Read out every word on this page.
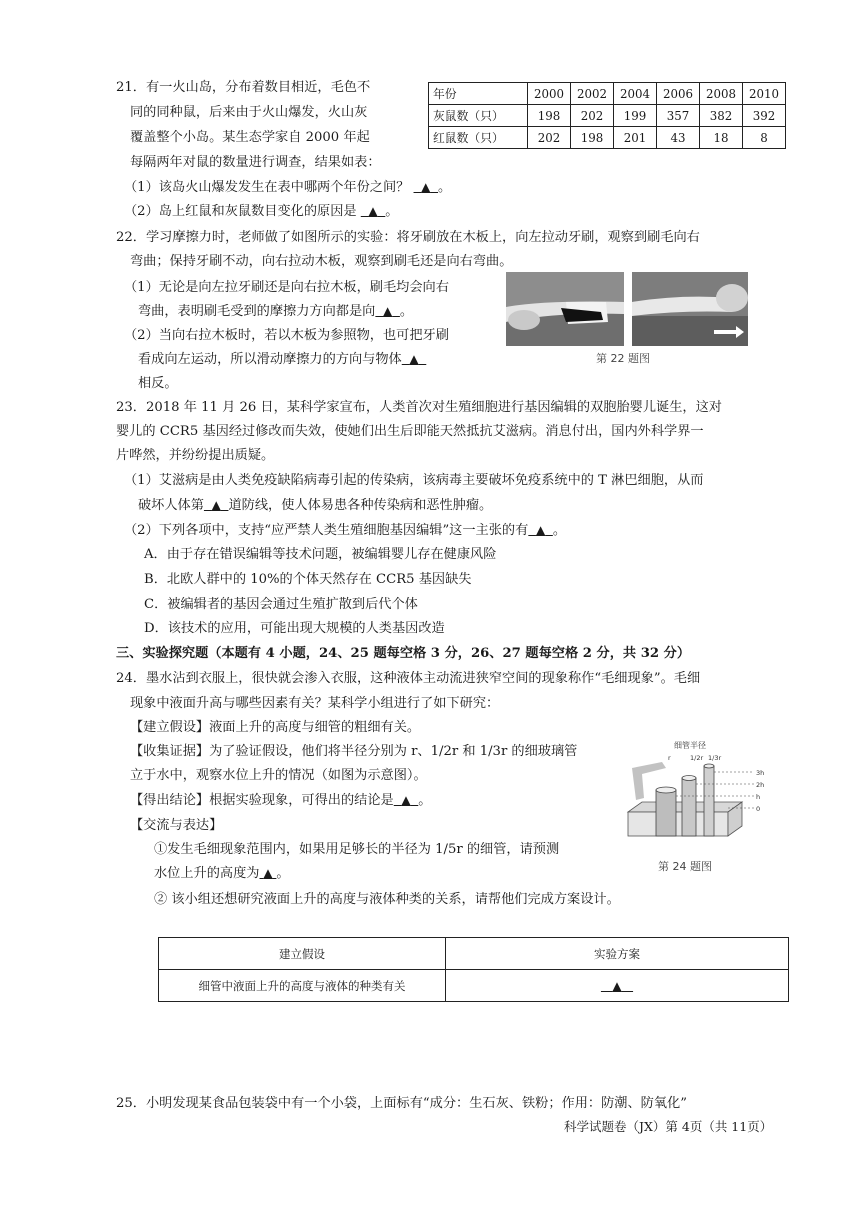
21．有一火山岛，分布着数目相近，毛色不
同的同种鼠，后来由于火山爆发，火山灰
覆盖整个小岛。某生态学家自 2000 年起
每隔两年对鼠的数量进行调查，结果如表：
年份	2000	2002	2004	2006	2008	2010
灰鼠数（只）	198	202	199	357	382	392
红鼠数（只）	202	198	201	43	18	8
（1）该岛火山爆发发生在表中哪两个年份之间？ ▲ 。
（2）岛上红鼠和灰鼠数目变化的原因是 ▲ 。
22．学习摩擦力时，老师做了如图所示的实验：将牙刷放在木板上，向左拉动牙刷，观察到刷毛向右
弯曲；保持牙刷不动，向右拉动木板，观察到刷毛还是向右弯曲。
（1）无论是向左拉牙刷还是向右拉木板，刷毛均会向右
弯曲，表明刷毛受到的摩擦力方向都是向 ▲ 。
（2）当向右拉木板时，若以木板为参照物，也可把牙刷
看成向左运动，所以滑动摩擦力的方向与物体 ▲
相反。
第 22 题图
23．2018 年 11 月 26 日，某科学家宣布，人类首次对生殖细胞进行基因编辑的双胞胎婴儿诞生，这对
婴儿的 CCR5 基因经过修改而失效，使她们出生后即能天然抵抗艾滋病。消息付出，国内外科学界一
片哗然，并纷纷提出质疑。
（1）艾滋病是由人类免疫缺陷病毒引起的传染病，该病毒主要破坏免疫系统中的 T 淋巴细胞，从而
破坏人体第 ▲ 道防线，使人体易患各种传染病和恶性肿瘤。
（2）下列各项中，支持“应严禁人类生殖细胞基因编辑”这一主张的有 ▲ 。
A．由于存在错误编辑等技术问题，被编辑婴儿存在健康风险
B．北欧人群中的 10%的个体天然存在 CCR5 基因缺失
C．被编辑者的基因会通过生殖扩散到后代个体
D．该技术的应用，可能出现大规模的人类基因改造
三、实验探究题（本题有 4 小题，24、25 题每空格 3 分，26、27 题每空格 2 分，共 32 分）
24．墨水沾到衣服上，很快就会渗入衣服，这种液体主动流进狭窄空间的现象称作“毛细现象”。毛细
现象中液面升高与哪些因素有关？某科学小组进行了如下研究：
【建立假设】液面上升的高度与细管的粗细有关。
【收集证据】为了验证假设，他们将半径分别为 r、1/2r 和 1/3r 的细玻璃管
立于水中，观察水位上升的情况（如图为示意图）。
【得出结论】根据实验现象，可得出的结论是 ▲ 。
【交流与表达】
①发生毛细现象范围内，如果用足够长的半径为 1/5r 的细管，请预测
水位上升的高度为 ▲ 。
② 该小组还想研究液面上升的高度与液体种类的关系，请帮他们完成方案设计。
细管半径
r	1/2r 1/3r
3h
2h
h
0
第 24 题图
建立假设	实验方案
细管中液面上升的高度与液体的种类有关	▲
25．小明发现某食品包装袋中有一个小袋，上面标有“成分：生石灰、铁粉；作用：防潮、防氧化”
科学试题卷（JX）第 4页（共 11页）
